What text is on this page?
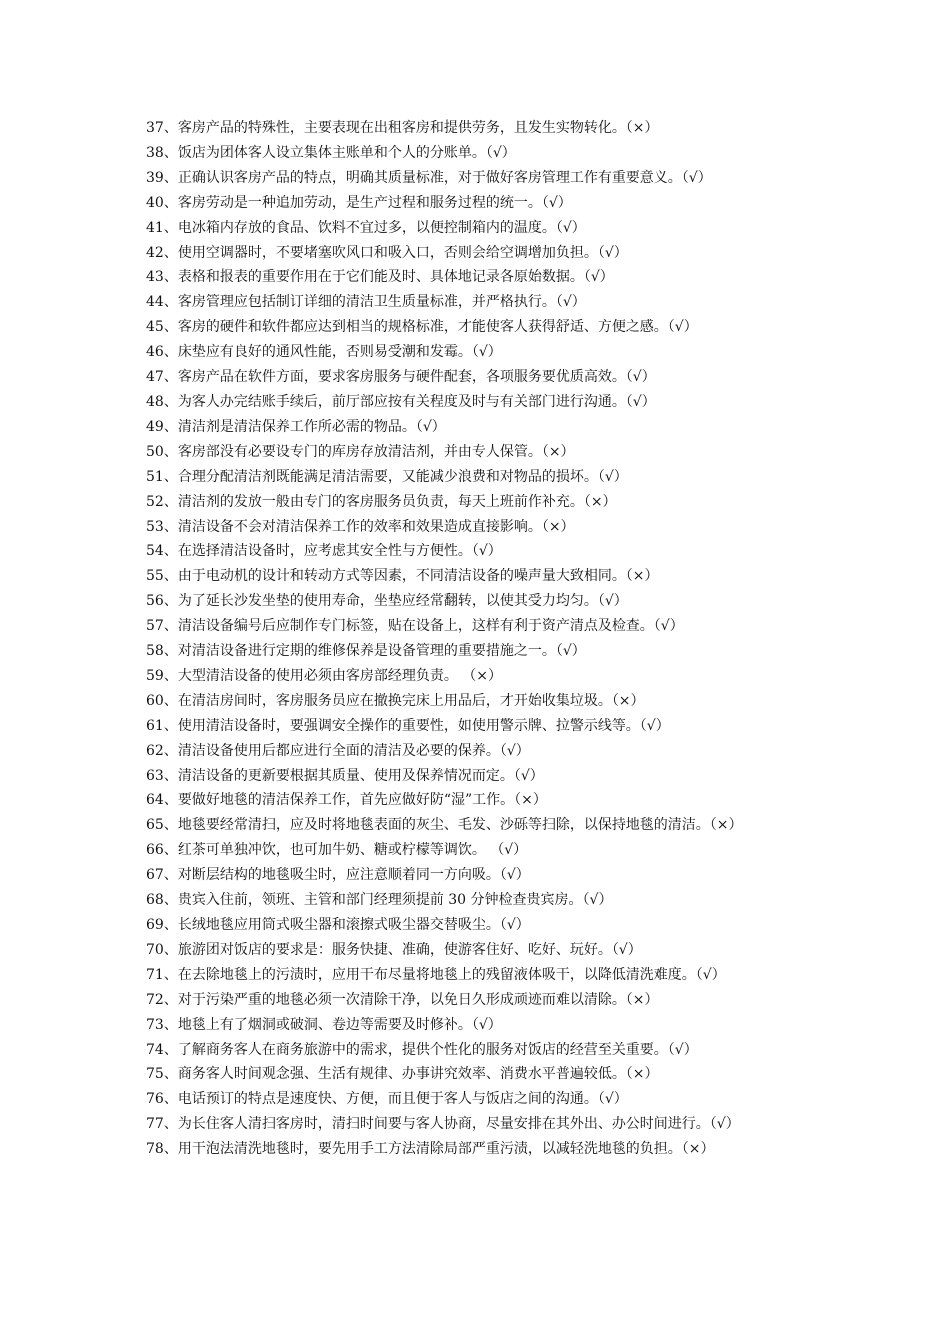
37、客房产品的特殊性，主要表现在出租客房和提供劳务，且发生实物转化。（×）

38、饭店为团体客人设立集体主账单和个人的分账单。（√）

39、正确认识客房产品的特点，明确其质量标准，对于做好客房管理工作有重要意义。（√）

40、客房劳动是一种追加劳动，是生产过程和服务过程的统一。（√）

41、电冰箱内存放的食品、饮料不宜过多，以便控制箱内的温度。（√）

42、使用空调器时，不要堵塞吹风口和吸入口，否则会给空调增加负担。（√）

43、表格和报表的重要作用在于它们能及时、具体地记录各原始数据。（√）

44、客房管理应包括制订详细的清洁卫生质量标准，并严格执行。（√）

45、客房的硬件和软件都应达到相当的规格标准，才能使客人获得舒适、方便之感。（√）

46、床垫应有良好的通风性能，否则易受潮和发霉。（√）

47、客房产品在软件方面，要求客房服务与硬件配套，各项服务要优质高效。（√）

48、为客人办完结账手续后，前厅部应按有关程度及时与有关部门进行沟通。（√）

49、清洁剂是清洁保养工作所必需的物品。（√）

50、客房部没有必要设专门的库房存放清洁剂，并由专人保管。（×）

51、合理分配清洁剂既能满足清洁需要，又能减少浪费和对物品的损坏。（√）

52、清洁剂的发放一般由专门的客房服务员负责，每天上班前作补充。（×）

53、清洁设备不会对清洁保养工作的效率和效果造成直接影响。（×）

54、在选择清洁设备时，应考虑其安全性与方便性。（√）

55、由于电动机的设计和转动方式等因素，不同清洁设备的噪声量大致相同。（×）

56、为了延长沙发坐垫的使用寿命，坐垫应经常翻转，以使其受力均匀。（√）

57、清洁设备编号后应制作专门标签，贴在设备上，这样有利于资产清点及检查。（√）

58、对清洁设备进行定期的维修保养是设备管理的重要措施之一。（√）

59、大型清洁设备的使用必须由客房部经理负责。 （×）

60、在清洁房间时，客房服务员应在撤换完床上用品后，才开始收集垃圾。（×）

61、使用清洁设备时，要强调安全操作的重要性，如使用警示牌、拉警示线等。（√）

62、清洁设备使用后都应进行全面的清洁及必要的保养。（√）

63、清洁设备的更新要根据其质量、使用及保养情况而定。（√）

64、要做好地毯的清洁保养工作，首先应做好防“湿”工作。（×）

65、地毯要经常清扫，应及时将地毯表面的灰尘、毛发、沙砾等扫除，以保持地毯的清洁。（×）

66、红茶可单独冲饮，也可加牛奶、糖或柠檬等调饮。 （√）

67、对断层结构的地毯吸尘时，应注意顺着同一方向吸。（√）

68、贵宾入住前，领班、主管和部门经理须提前 30 分钟检查贵宾房。（√）

69、长绒地毯应用筒式吸尘器和滚擦式吸尘器交替吸尘。（√）

70、旅游团对饭店的要求是：服务快捷、准确，使游客住好、吃好、玩好。（√）

71、在去除地毯上的污渍时，应用干布尽量将地毯上的残留液体吸干，以降低清洗难度。（√）

72、对于污染严重的地毯必须一次清除干净，以免日久形成顽迹而难以清除。（×）

73、地毯上有了烟洞或破洞、卷边等需要及时修补。（√）

74、了解商务客人在商务旅游中的需求，提供个性化的服务对饭店的经营至关重要。（√）

75、商务客人时间观念强、生活有规律、办事讲究效率、消费水平普遍较低。（×）

76、电话预订的特点是速度快、方便，而且便于客人与饭店之间的沟通。（√）

77、为长住客人清扫客房时，清扫时间要与客人协商，尽量安排在其外出、办公时间进行。（√）

78、用干泡法清洗地毯时，要先用手工方法清除局部严重污渍，以减轻洗地毯的负担。（×）
